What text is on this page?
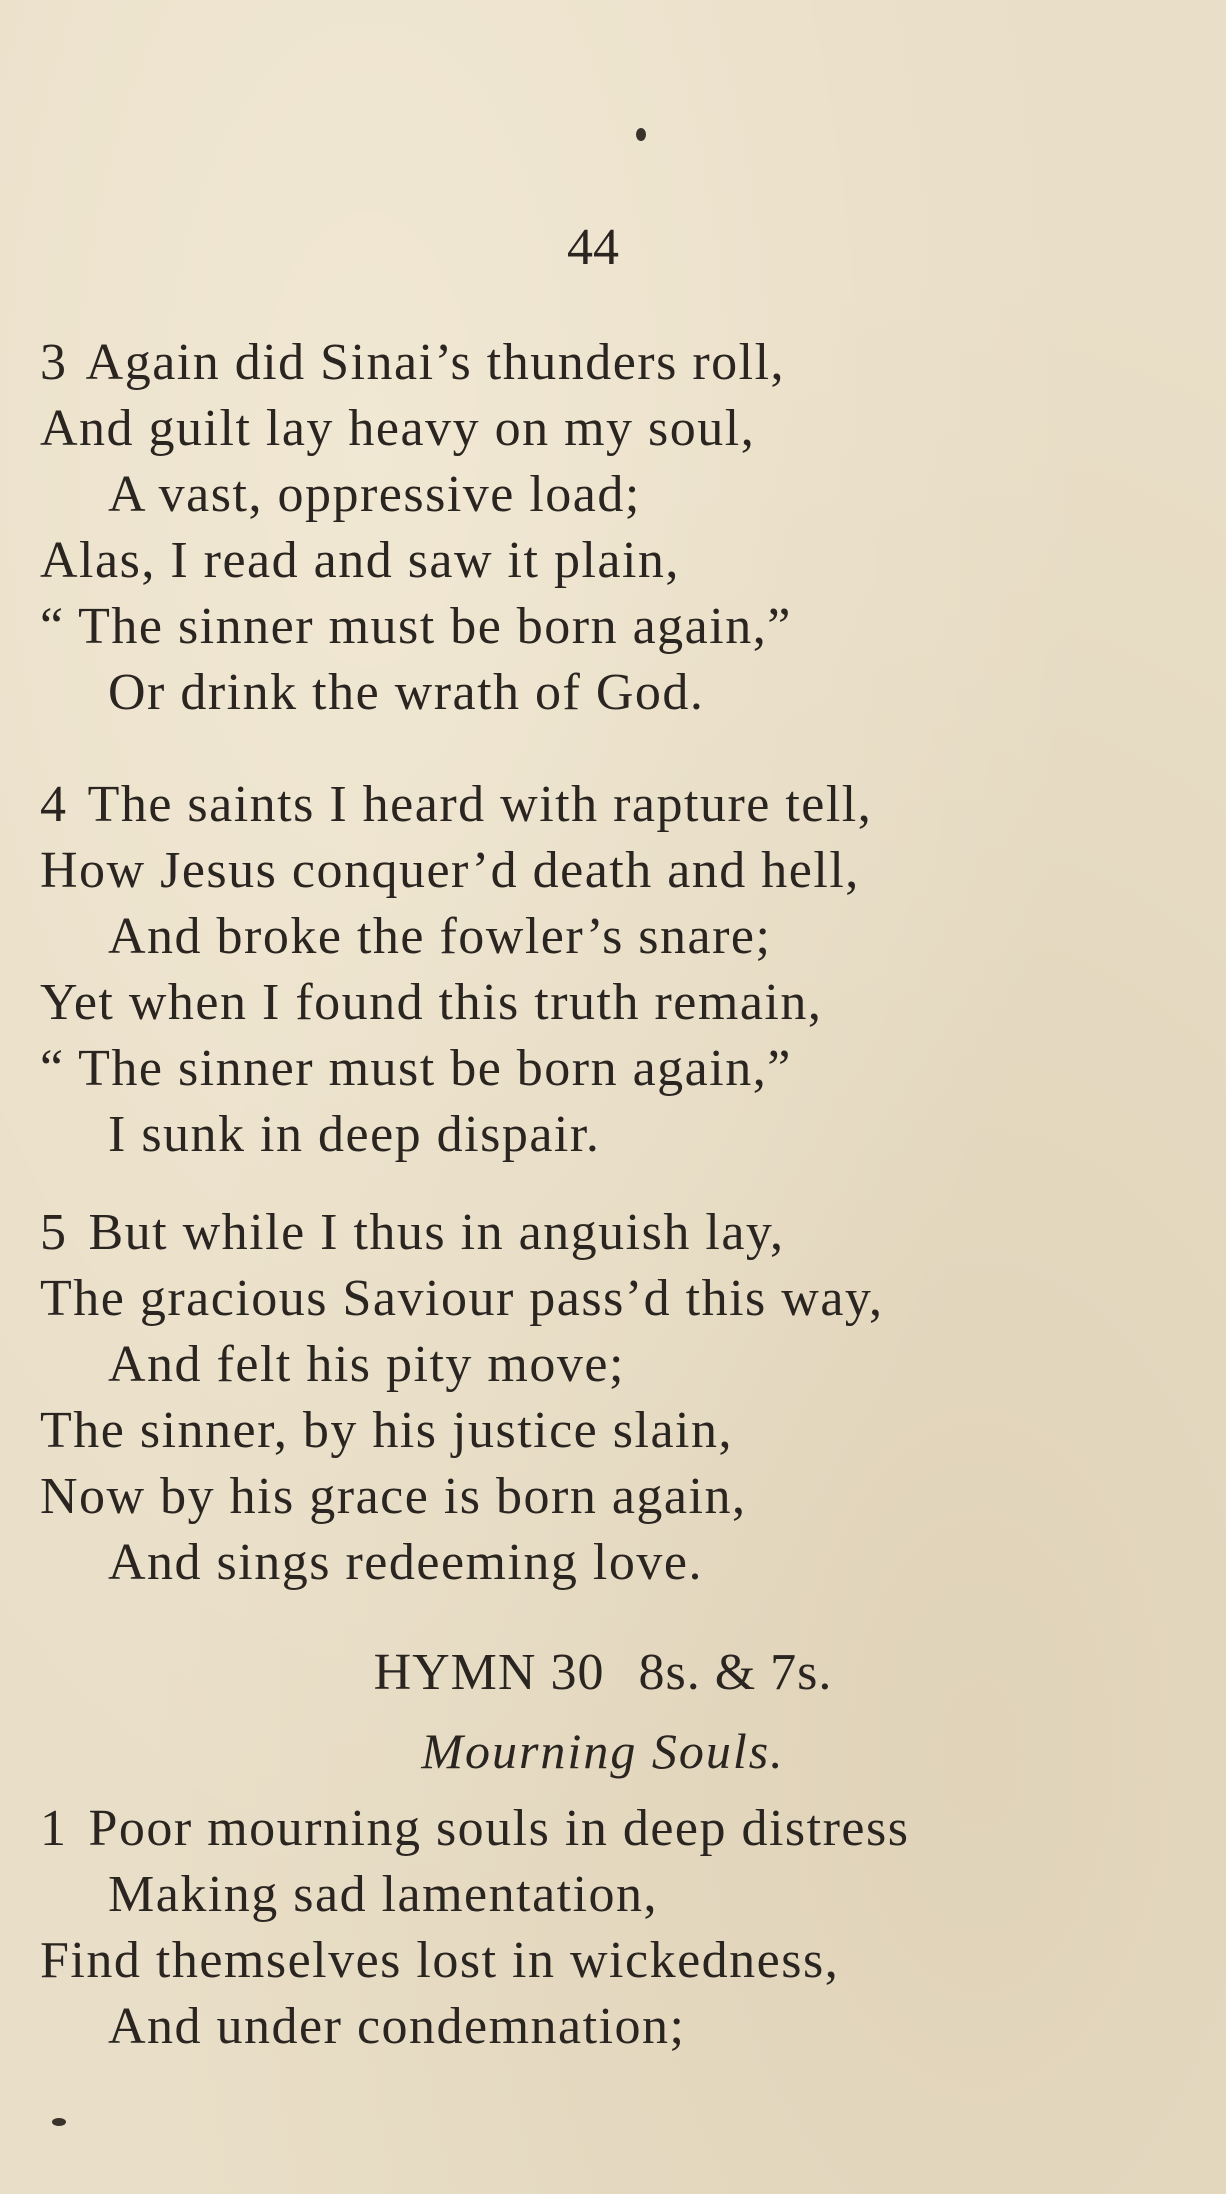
44
3 Again did Sinai’s thunders roll,
And guilt lay heavy on my soul,
A vast, oppressive load;
Alas, I read and saw it plain,
“ The sinner must be born again,”
Or drink the wrath of God.
4 The saints I heard with rapture tell,
How Jesus conquer’d death and hell,
And broke the fowler’s snare;
Yet when I found this truth remain,
“ The sinner must be born again,”
I sunk in deep dispair.
5 But while I thus in anguish lay,
The gracious Saviour pass’d this way,
And felt his pity move;
The sinner, by his justice slain,
Now by his grace is born again,
And sings redeeming love.
HYMN 30 8s. & 7s.
Mourning Souls.
1 Poor mourning souls in deep distress
Making sad lamentation,
Find themselves lost in wickedness,
And under condemnation;
